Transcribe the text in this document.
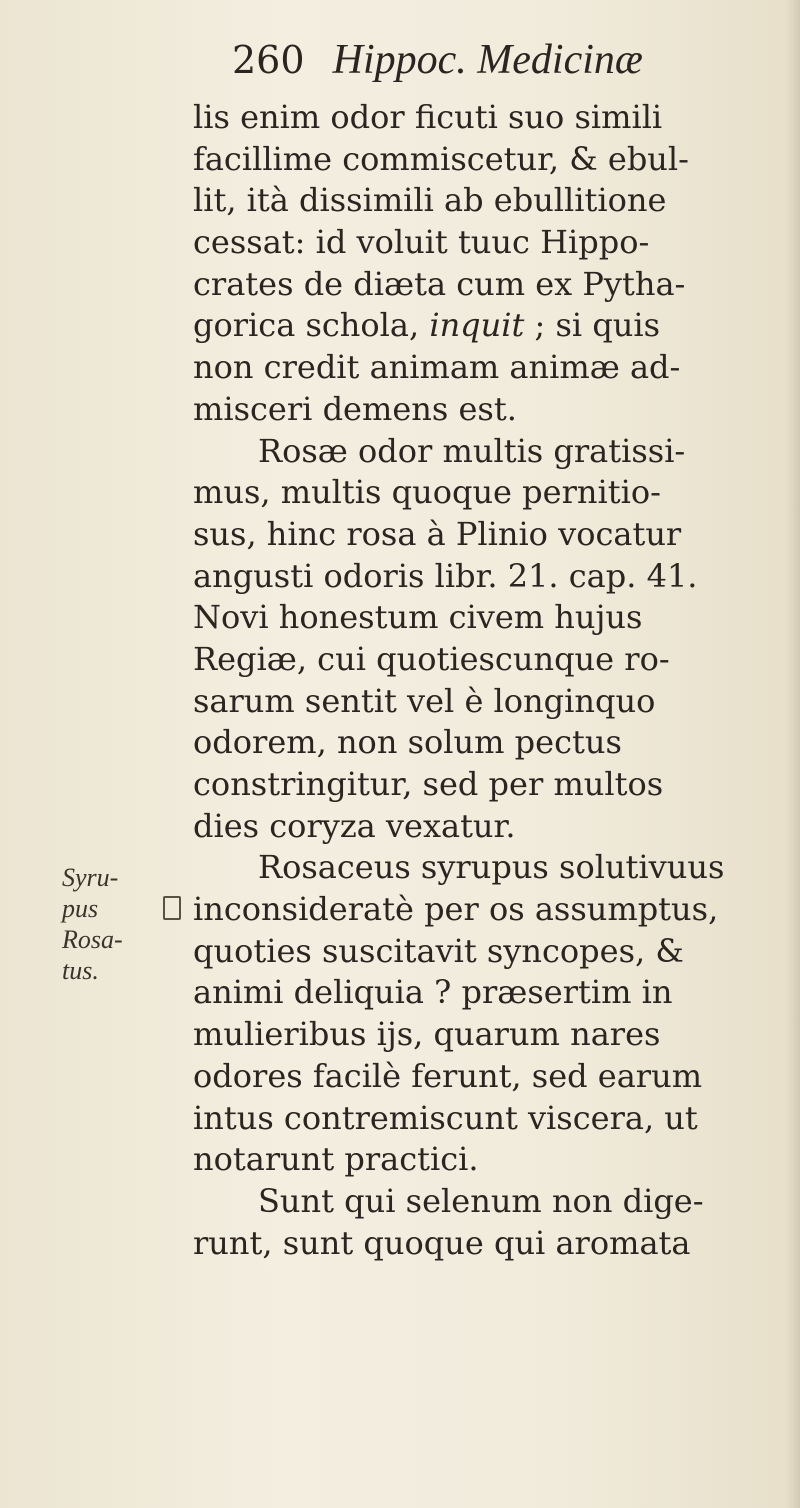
260 Hippoc. Medicinæ
Syru-
pus
Rosa-
tus.
lis enim odor ficuti suo simili
facillime commiscetur, & ebul-
lit, ità dissimili ab ebullitione
cessat: id voluit tuuc Hippo-
crates de diæta cum ex Pytha-
gorica schola, inquit ; si quis
non credit animam animæ ad-
misceri demens est.
Rosæ odor multis gratissi-
mus, multis quoque pernitio-
sus, hinc rosa à Plinio vocatur
angusti odoris libr. 21. cap. 41.
Novi honestum civem hujus
Regiæ, cui quotiescunque ro-
sarum sentit vel è longinquo
odorem, non solum pectus
constringitur, sed per multos
dies coryza vexatur.
Rosaceus syrupus solutivuus
inconsideratè per os assumptus,
quoties suscitavit syncopes, &
animi deliquia ? præsertim in
mulieribus ijs, quarum nares
odores facilè ferunt, sed earum
intus contremiscunt viscera, ut
notarunt practici.
Sunt qui selenum non dige-
runt, sunt quoque qui aromata
